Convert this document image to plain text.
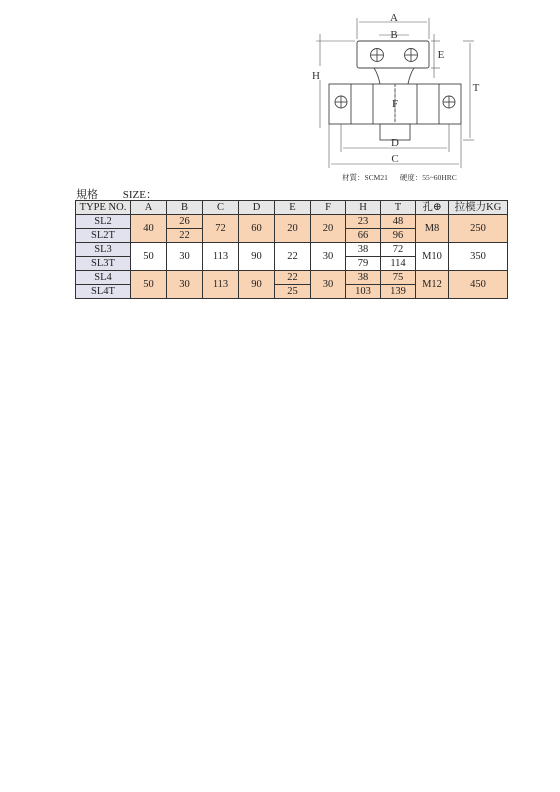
A
B
E
H
F
T
D
C
材質：SCM21 硬度：55~60HRC
規格 SIZE：
TYPE NO.	A	B	C	D	E	F	H	T	孔⊕	拉模力KG
SL2	40	26	72	60	20	20	23	48	M8	250
SL2T		22					66	96		
SL3	50	30	113	90	22	30	38	72	M10	350
SL3T							79	114		
SL4	50	30	113	90	22	30	38	75	M12	450
SL4T					25		103	139		
